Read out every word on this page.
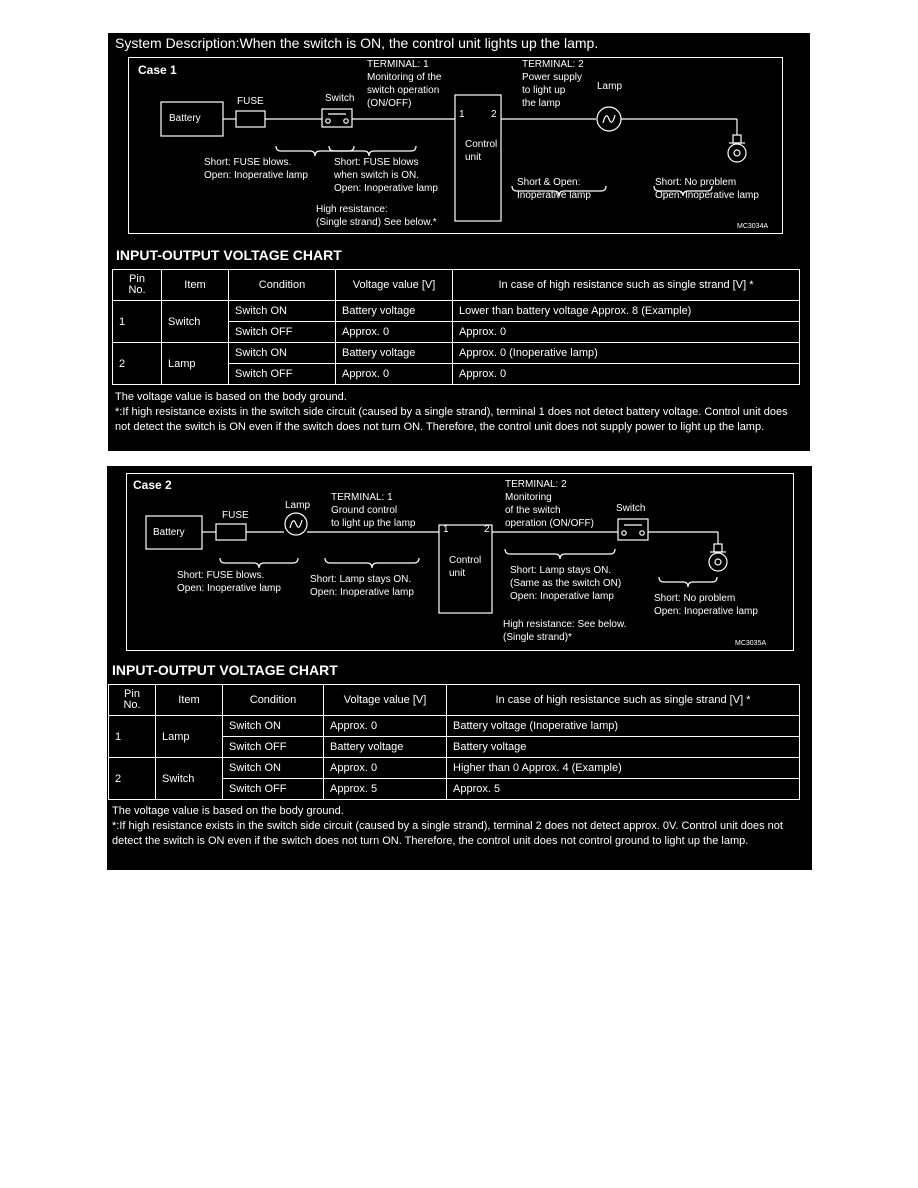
System Description:When the switch is ON, the control unit lights up the lamp.
Case 1
Battery
FUSE	Switch
TERMINAL: 1
Monitoring of the
switch operation
(ON/OFF)
TERMINAL: 2
Power supply
to light up
the lamp
Lamp
1	2
Control
unit
Short: FUSE blows.
Open: Inoperative lamp
Short: FUSE blows
when switch is ON.
Open: Inoperative lamp
Short & Open:
Inoperative lamp
Short: No problem
Open: Inoperative lamp
High resistance:
(Single strand) See below.*	MC3034A
INPUT-OUTPUT VOLTAGE CHART
Pin No.	Item	Condition	Voltage value [V]	In case of high resistance such as single strand [V] *
1	Switch	Switch ON	Battery voltage	Lower than battery voltage Approx. 8 (Example)
		Switch OFF	Approx. 0	Approx. 0
2	Lamp	Switch ON	Battery voltage	Approx. 0 (Inoperative lamp)
		Switch OFF	Approx. 0	Approx. 0
The voltage value is based on the body ground.
*:If high resistance exists in the switch side circuit (caused by a single strand), terminal 1 does not detect battery voltage. Control unit does not detect the switch is ON even if the switch does not turn ON. Therefore, the control unit does not supply power to light up the lamp.
Case 2
Battery
FUSE
Lamp
TERMINAL: 1
Ground control
to light up the lamp
TERMINAL: 2
Monitoring
of the switch
operation (ON/OFF)
Switch
1	2
Control
unit
Short: FUSE blows.
Open: Inoperative lamp
Short: Lamp stays ON.
Open: Inoperative lamp
Short: Lamp stays ON.
(Same as the switch ON)
Open: Inoperative lamp	Short: No problem
Open: Inoperative lamp
High resistance: See below.
(Single strand)*
MC3035A
INPUT-OUTPUT VOLTAGE CHART
Pin No.	Item	Condition	Voltage value [V]	In case of high resistance such as single strand [V] *
1	Lamp	Switch ON	Approx. 0	Battery voltage (Inoperative lamp)
		Switch OFF	Battery voltage	Battery voltage
2	Switch	Switch ON	Approx. 0	Higher than 0 Approx. 4 (Example)
		Switch OFF	Approx. 5	Approx. 5
The voltage value is based on the body ground.
*:If high resistance exists in the switch side circuit (caused by a single strand), terminal 2 does not detect approx. 0V. Control unit does not detect the switch is ON even if the switch does not turn ON. Therefore, the control unit does not control ground to light up the lamp.
